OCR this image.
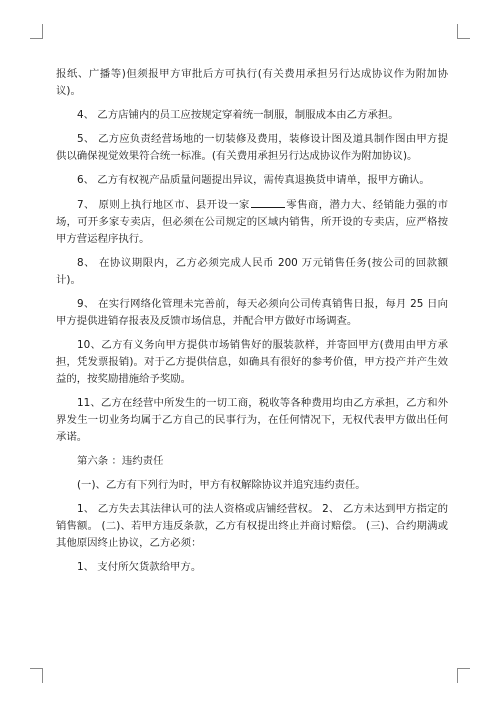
报纸、广播等)但须报甲方审批后方可执行(有关费用承担另行达成协议作为附加协议)。

4、 乙方店铺内的员工应按规定穿着统一制服，制服成本由乙方承担。

5、 乙方应负责经营场地的一切装修及费用，装修设计图及道具制作图由甲方提供以确保视觉效果符合统一标准。(有关费用承担另行达成协议作为附加协议)。

6、 乙方有权视产品质量问题提出异议，需传真退换货申请单，报甲方确认。

7、 原则上执行地区市、县开设一家	零售商，潜力大、经销能力强的市场，可开多家专卖店，但必须在公司规定的区域内销售，所开设的专卖店，应严格按甲方营运程序执行。

8、 在协议期限内，乙方必须完成人民币 200 万元销售任务(按公司的回款额计)。

9、 在实行网络化管理未完善前，每天必须向公司传真销售日报，每月 25 日向甲方提供进销存报表及反馈市场信息，并配合甲方做好市场调查。

10、乙方有义务向甲方提供市场销售好的服装款样，并寄回甲方(费用由甲方承担，凭发票报销)。对于乙方提供信息，如确具有很好的参考价值，甲方投产并产生效益的，按奖励措施给予奖励。

11、乙方在经营中所发生的一切工商，税收等各种费用均由乙方承担，乙方和外界发生一切业务均属于乙方自己的民事行为，在任何情况下，无权代表甲方做出任何承诺。

第六条 ：违约责任

(一)、乙方有下列行为时，甲方有权解除协议并追究违约责任。

1、 乙方失去其法律认可的法人资格或店铺经营权。 2、 乙方未达到甲方指定的销售额。 (二)、若甲方违反条款，乙方有权提出终止并商讨赔偿。 (三)、合约期满或其他原因终止协议，乙方必须：

1、 支付所欠货款给甲方。
